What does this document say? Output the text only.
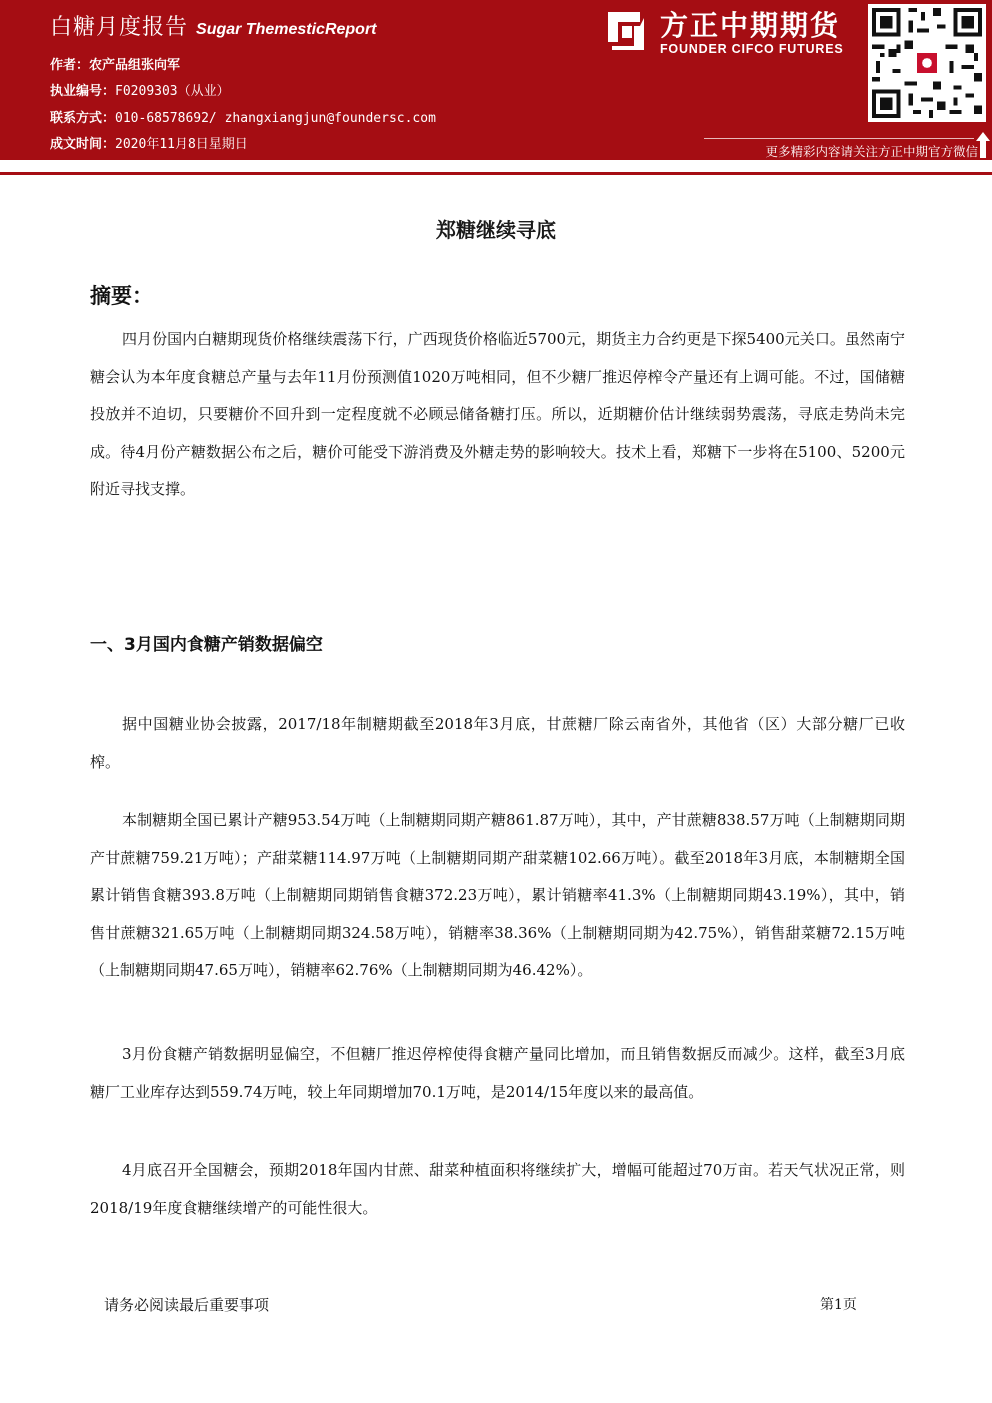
白糖月度报告 Sugar ThemesticReport
作者：农产品组张向军
执业编号：F0209303（从业）
联系方式：010-68578692/ zhangxiangjun@foundersc.com
成文时间：2020年11月8日星期日
方正中期期货
FOUNDER CIFCO FUTURES
更多精彩内容请关注方正中期官方微信
郑糖继续寻底
摘要：
四月份国内白糖期现货价格继续震荡下行，广西现货价格临近5700元，期货主力合约更是下探5400元关口。虽然南宁糖会认为本年度食糖总产量与去年11月份预测值1020万吨相同，但不少糖厂推迟停榨令产量还有上调可能。不过，国储糖投放并不迫切，只要糖价不回升到一定程度就不必顾忌储备糖打压。所以，近期糖价估计继续弱势震荡，寻底走势尚未完成。待4月份产糖数据公布之后，糖价可能受下游消费及外糖走势的影响较大。技术上看，郑糖下一步将在5100、5200元附近寻找支撑。
一、3月国内食糖产销数据偏空
据中国糖业协会披露，2017/18年制糖期截至2018年3月底，甘蔗糖厂除云南省外，其他省（区）大部分糖厂已收榨。
本制糖期全国已累计产糖953.54万吨（上制糖期同期产糖861.87万吨），其中，产甘蔗糖838.57万吨（上制糖期同期产甘蔗糖759.21万吨）；产甜菜糖114.97万吨（上制糖期同期产甜菜糖102.66万吨）。截至2018年3月底，本制糖期全国累计销售食糖393.8万吨（上制糖期同期销售食糖372.23万吨），累计销糖率41.3%（上制糖期同期43.19%），其中，销售甘蔗糖321.65万吨（上制糖期同期324.58万吨），销糖率38.36%（上制糖期同期为42.75%），销售甜菜糖72.15万吨（上制糖期同期47.65万吨），销糖率62.76%（上制糖期同期为46.42%）。
3月份食糖产销数据明显偏空，不但糖厂推迟停榨使得食糖产量同比增加，而且销售数据反而减少。这样，截至3月底糖厂工业库存达到559.74万吨，较上年同期增加70.1万吨，是2014/15年度以来的最高值。
4月底召开全国糖会，预期2018年国内甘蔗、甜菜种植面积将继续扩大，增幅可能超过70万亩。若天气状况正常，则2018/19年度食糖继续增产的可能性很大。
请务必阅读最后重要事项	第1页
